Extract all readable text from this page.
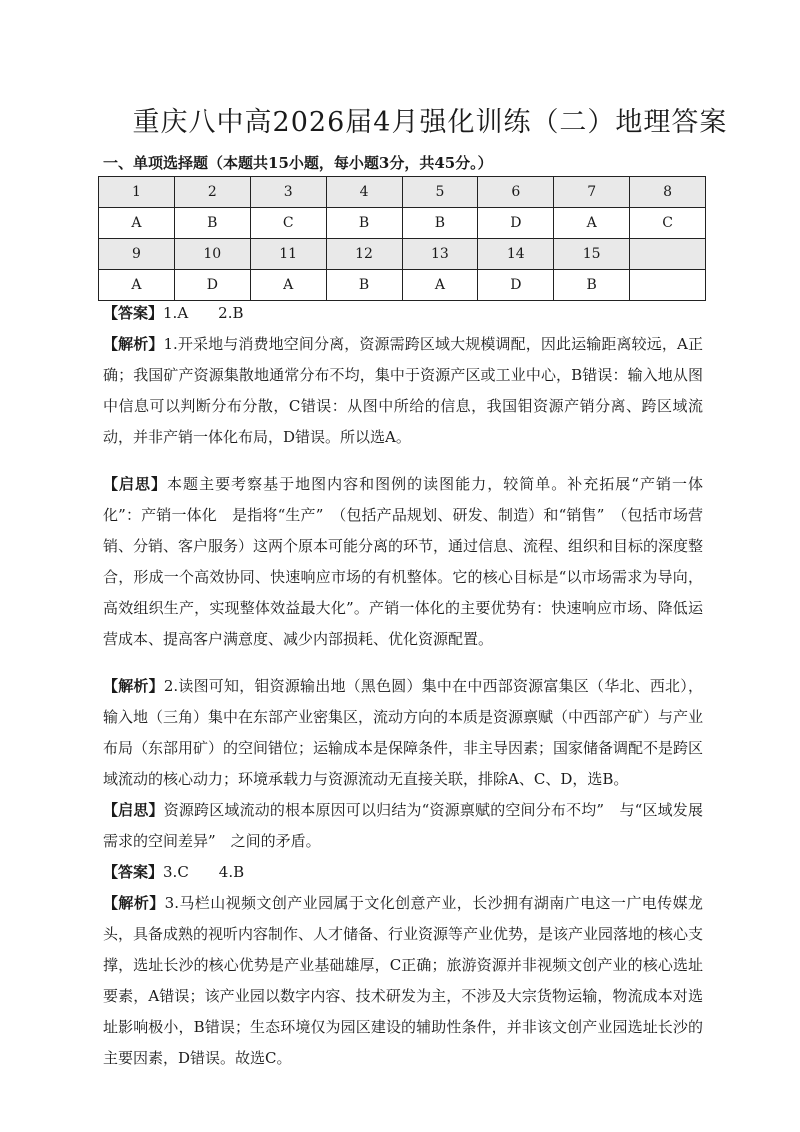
重庆八中高2026届4月强化训练（二）地理答案
一、单项选择题（本题共15小题，每小题3分，共45分。）
1	2	3	4	5	6	7	8
A	B	C	B	B	D	A	C
9	10	11	12	13	14	15	
A	D	A	B	A	D	B	

【答案】1.A　　2.B

【解析】1.开采地与消费地空间分离，资源需跨区域大规模调配，因此运输距离较远，A正确；我国矿产资源集散地通常分布不均，集中于资源产区或工业中心，B错误：输入地从图中信息可以判断分布分散，C错误：从图中所给的信息，我国钼资源产销分离、跨区域流动，并非产销一体化布局，D错误。所以选A。

【启思】本题主要考察基于地图内容和图例的读图能力，较简单。补充拓展“产销一体化”：产销一体化　是指将“生产”　（包括产品规划、研发、制造）和“销售”　（包括市场营销、分销、客户服务）这两个原本可能分离的环节，通过信息、流程、组织和目标的深度整合，形成一个高效协同、快速响应市场的有机整体。它的核心目标是“以市场需求为导向，高效组织生产，实现整体效益最大化”。产销一体化的主要优势有：快速响应市场、降低运营成本、提高客户满意度、减少内部损耗、优化资源配置。

【解析】2.读图可知，钼资源输出地（黑色圆）集中在中西部资源富集区（华北、西北），输入地（三角）集中在东部产业密集区，流动方向的本质是资源禀赋（中西部产矿）与产业布局（东部用矿）的空间错位；运输成本是保障条件，非主导因素；国家储备调配不是跨区域流动的核心动力；环境承载力与资源流动无直接关联，排除A、C、D，选B。

【启思】资源跨区域流动的根本原因可以归结为“资源禀赋的空间分布不均”　与“区域发展需求的空间差异”　之间的矛盾。

【答案】3.C　　4.B

【解析】3.马栏山视频文创产业园属于文化创意产业，长沙拥有湖南广电这一广电传媒龙头，具备成熟的视听内容制作、人才储备、行业资源等产业优势，是该产业园落地的核心支撑，选址长沙的核心优势是产业基础雄厚，C正确；旅游资源并非视频文创产业的核心选址要素，A错误；该产业园以数字内容、技术研发为主，不涉及大宗货物运输，物流成本对选址影响极小，B错误；生态环境仅为园区建设的辅助性条件，并非该文创产业园选址长沙的主要因素，D错误。故选C。
